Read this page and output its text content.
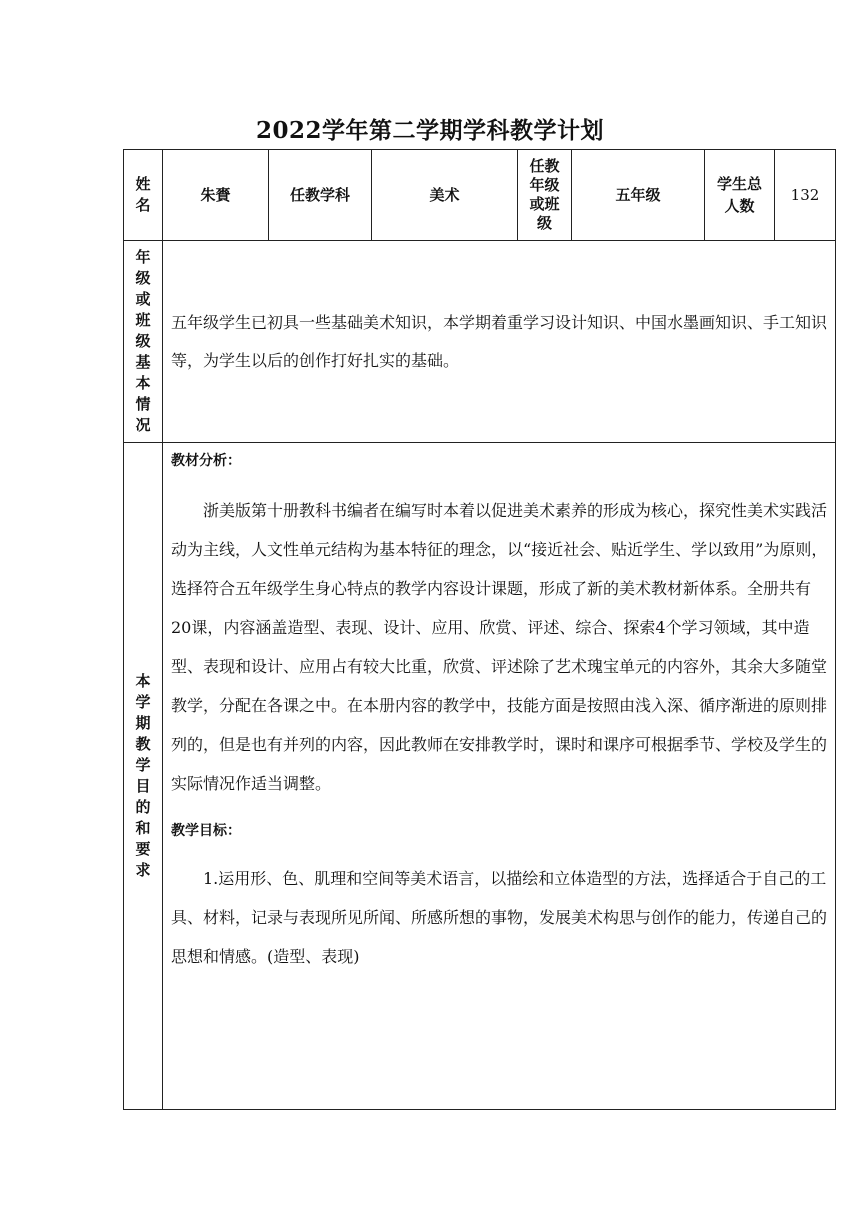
2022学年第二学期学科教学计划
姓名	朱賚	任教学科	美术	任教年级或班级	五年级	学生总人数	132

年级或班级基本情况	五年级学生已初具一些基础美术知识，本学期着重学习设计知识、中国水墨画知识、手工知识等，为学生以后的创作打好扎实的基础。						

本学期教学目的和要求	教材分析：

浙美版第十册教科书编者在编写时本着以促进美术素养的形成为核心，探究性美术实践活动为主线，人文性单元结构为基本特征的理念，以“接近社会、贴近学生、学以致用”为原则，选择符合五年级学生身心特点的教学内容设计课题，形成了新的美术教材新体系。全册共有20课，内容涵盖造型、表现、设计、应用、欣赏、评述、综合、探索4个学习领域，其中造型、表现和设计、应用占有较大比重，欣赏、评述除了艺术瑰宝单元的内容外，其余大多随堂教学，分配在各课之中。在本册内容的教学中，技能方面是按照由浅入深、循序渐进的原则排列的，但是也有并列的内容，因此教师在安排教学时，课时和课序可根据季节、学校及学生的实际情况作适当调整。

教学目标：

1.运用形、色、肌理和空间等美术语言，以描绘和立体造型的方法，选择适合于自己的工具、材料，记录与表现所见所闻、所感所想的事物，发展美术构思与创作的能力，传递自己的思想和情感。(造型、表现)						
